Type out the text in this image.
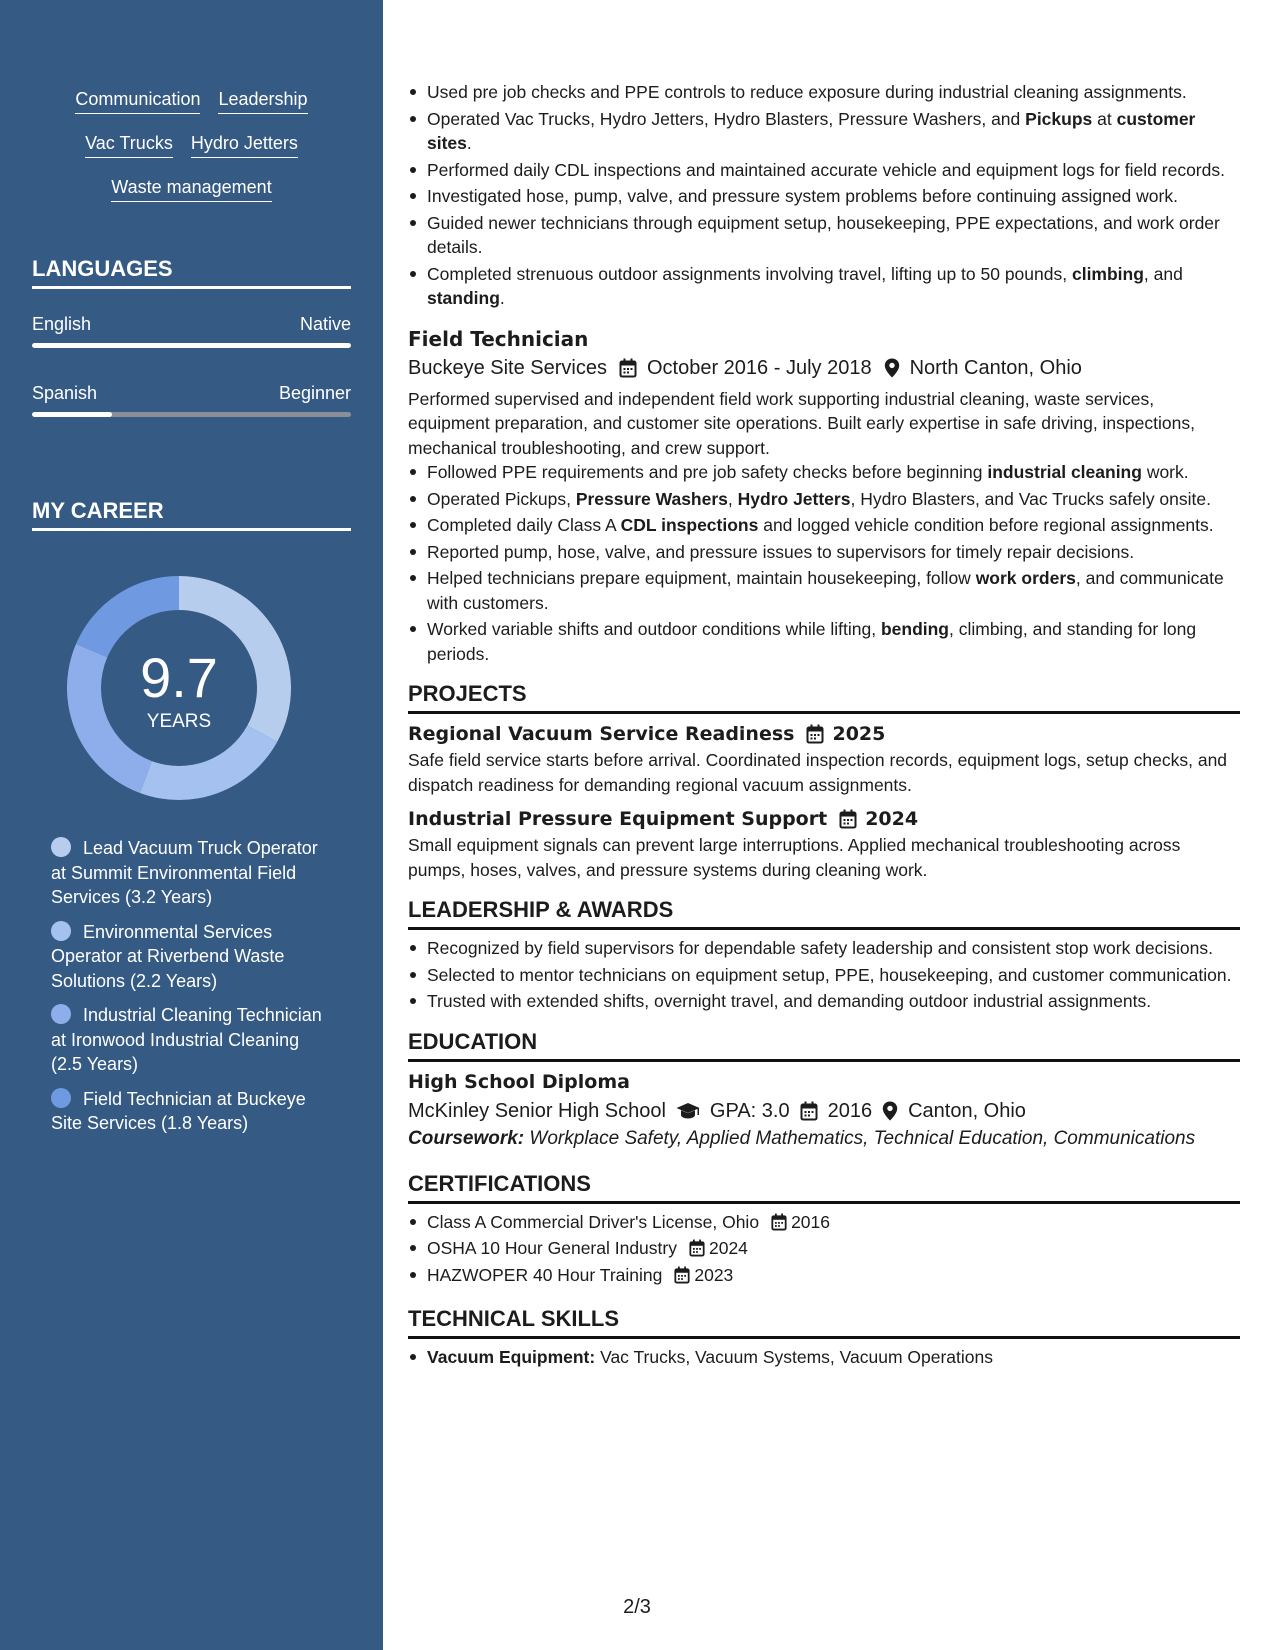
Communication Leadership
Vac Trucks Hydro Jetters
Waste management
LANGUAGES
English	Native
Spanish	Beginner
MY CAREER
9.7
YEARS
Lead Vacuum Truck Operator at Summit Environmental Field Services (3.2 Years)
Environmental Services Operator at Riverbend Waste Solutions (2.2 Years)
Industrial Cleaning Technician at Ironwood Industrial Cleaning (2.5 Years)
Field Technician at Buckeye Site Services (1.8 Years)
Used pre job checks and PPE controls to reduce exposure during industrial cleaning assignments.
Operated Vac Trucks, Hydro Jetters, Hydro Blasters, Pressure Washers, and Pickups at customer sites.
Performed daily CDL inspections and maintained accurate vehicle and equipment logs for field records.
Investigated hose, pump, valve, and pressure system problems before continuing assigned work.
Guided newer technicians through equipment setup, housekeeping, PPE expectations, and work order details.
Completed strenuous outdoor assignments involving travel, lifting up to 50 pounds, climbing, and standing.
Field Technician
Buckeye Site Services October 2016 - July 2018 North Canton, Ohio
Performed supervised and independent field work supporting industrial cleaning, waste services, equipment preparation, and customer site operations. Built early expertise in safe driving, inspections, mechanical troubleshooting, and crew support.
Followed PPE requirements and pre job safety checks before beginning industrial cleaning work.
Operated Pickups, Pressure Washers, Hydro Jetters, Hydro Blasters, and Vac Trucks safely onsite.
Completed daily Class A CDL inspections and logged vehicle condition before regional assignments.
Reported pump, hose, valve, and pressure issues to supervisors for timely repair decisions.
Helped technicians prepare equipment, maintain housekeeping, follow work orders, and communicate with customers.
Worked variable shifts and outdoor conditions while lifting, bending, climbing, and standing for long periods.
PROJECTS
Regional Vacuum Service Readiness 2025
Safe field service starts before arrival. Coordinated inspection records, equipment logs, setup checks, and dispatch readiness for demanding regional vacuum assignments.
Industrial Pressure Equipment Support 2024
Small equipment signals can prevent large interruptions. Applied mechanical troubleshooting across pumps, hoses, valves, and pressure systems during cleaning work.
LEADERSHIP & AWARDS
Recognized by field supervisors for dependable safety leadership and consistent stop work decisions.
Selected to mentor technicians on equipment setup, PPE, housekeeping, and customer communication.
Trusted with extended shifts, overnight travel, and demanding outdoor industrial assignments.
EDUCATION
High School Diploma
McKinley Senior High School GPA: 3.0 2016 Canton, Ohio
Coursework: Workplace Safety, Applied Mathematics, Technical Education, Communications
CERTIFICATIONS
Class A Commercial Driver's License, Ohio 2016
OSHA 10 Hour General Industry 2024
HAZWOPER 40 Hour Training 2023
TECHNICAL SKILLS
Vacuum Equipment: Vac Trucks, Vacuum Systems, Vacuum Operations
2/3
